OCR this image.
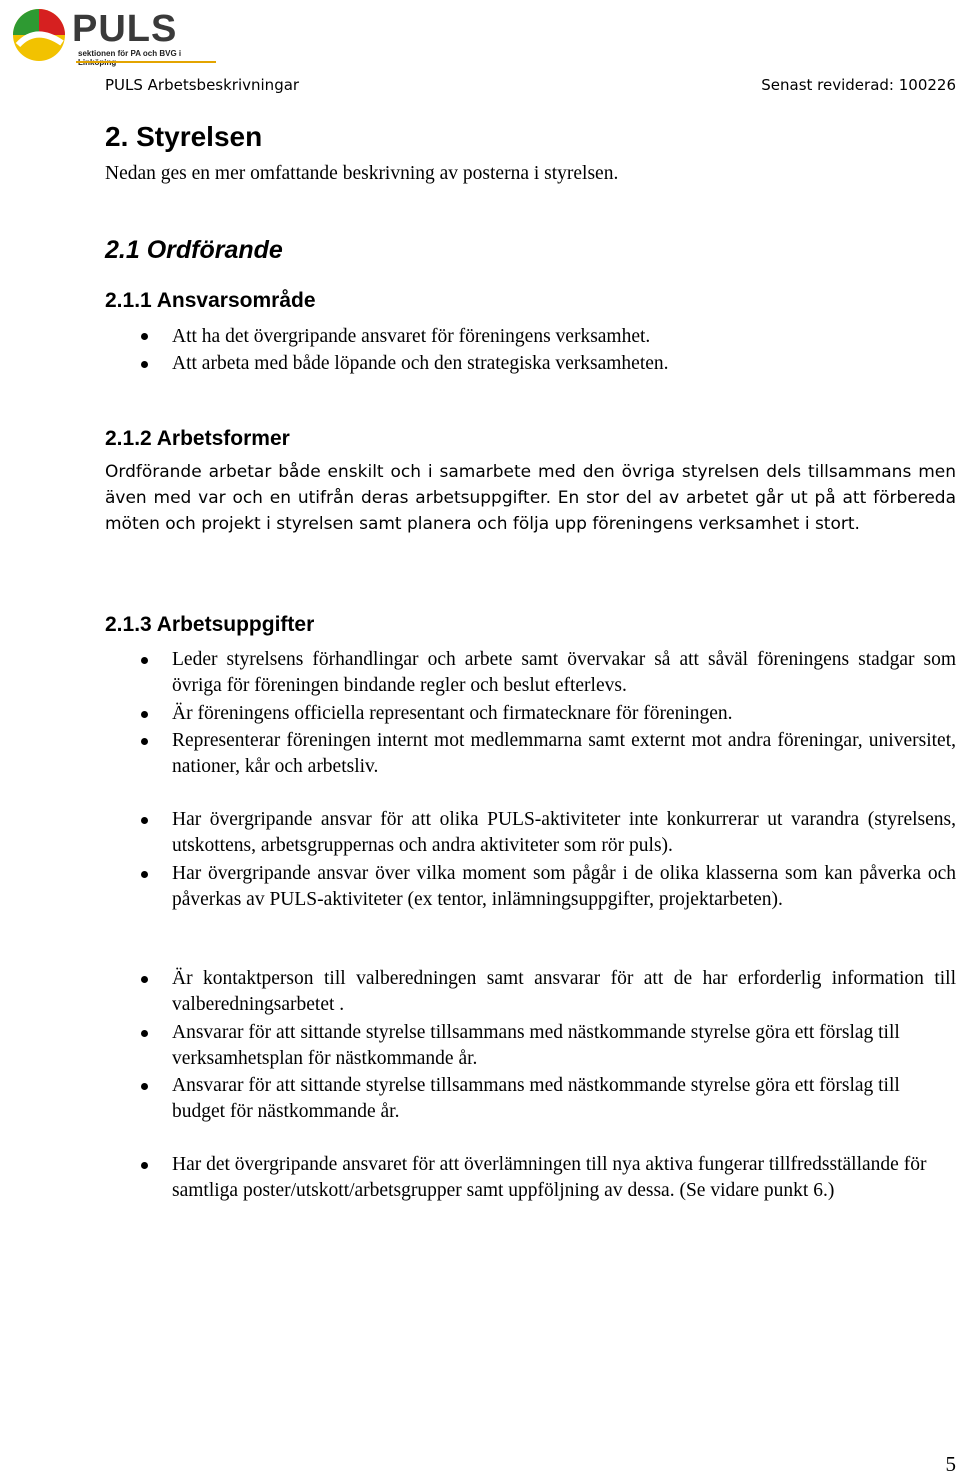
PULS
sektionen för PA och BVG i
PULS Arbetsbeskrivningar	Senast reviderad: 100226
2. Styrelsen

Nedan ges en mer omfattande beskrivning av posterna i styrelsen.

2.1 Ordförande
2.1.1 Ansvarsområde
Att ha det övergripande ansvaret för föreningens verksamhet.
Att arbeta med både löpande och den strategiska verksamheten.
2.1.2 Arbetsformer

Ordförande arbetar både enskilt och i samarbete med den övriga styrelsen dels tillsammans men även med var och en utifrån deras arbetsuppgifter. En stor del av arbetet går ut på att förbereda möten och projekt i styrelsen samt planera och följa upp föreningens verksamhet i stort.

2.1.3 Arbetsuppgifter
Leder styrelsens förhandlingar och arbete samt övervakar så att såväl föreningens stadgar som övriga för föreningen bindande regler och beslut efterlevs.
Är föreningens officiella representant och firmatecknare för föreningen.
Representerar föreningen internt mot medlemmarna samt externt mot andra föreningar, universitet, nationer, kår och arbetsliv.
Har övergripande ansvar för att olika PULS-aktiviteter inte konkurrerar ut varandra (styrelsens, utskottens, arbetsgruppernas och andra aktiviteter som rör puls).
Har övergripande ansvar över vilka moment som pågår i de olika klasserna som kan påverka och påverkas av PULS-aktiviteter (ex tentor, inlämningsuppgifter, projektarbeten).
Är kontaktperson till valberedningen samt ansvarar för att de har erforderlig information till valberedningsarbetet .
Ansvarar för att sittande styrelse tillsammans med nästkommande styrelse göra ett förslag till verksamhetsplan för nästkommande år.
Ansvarar för att sittande styrelse tillsammans med nästkommande styrelse göra ett förslag till budget för nästkommande år.
Har det övergripande ansvaret för att överlämningen till nya aktiva fungerar tillfredsställande för samtliga poster/utskott/arbetsgrupper samt uppföljning av dessa. (Se vidare punkt 6.)
5
